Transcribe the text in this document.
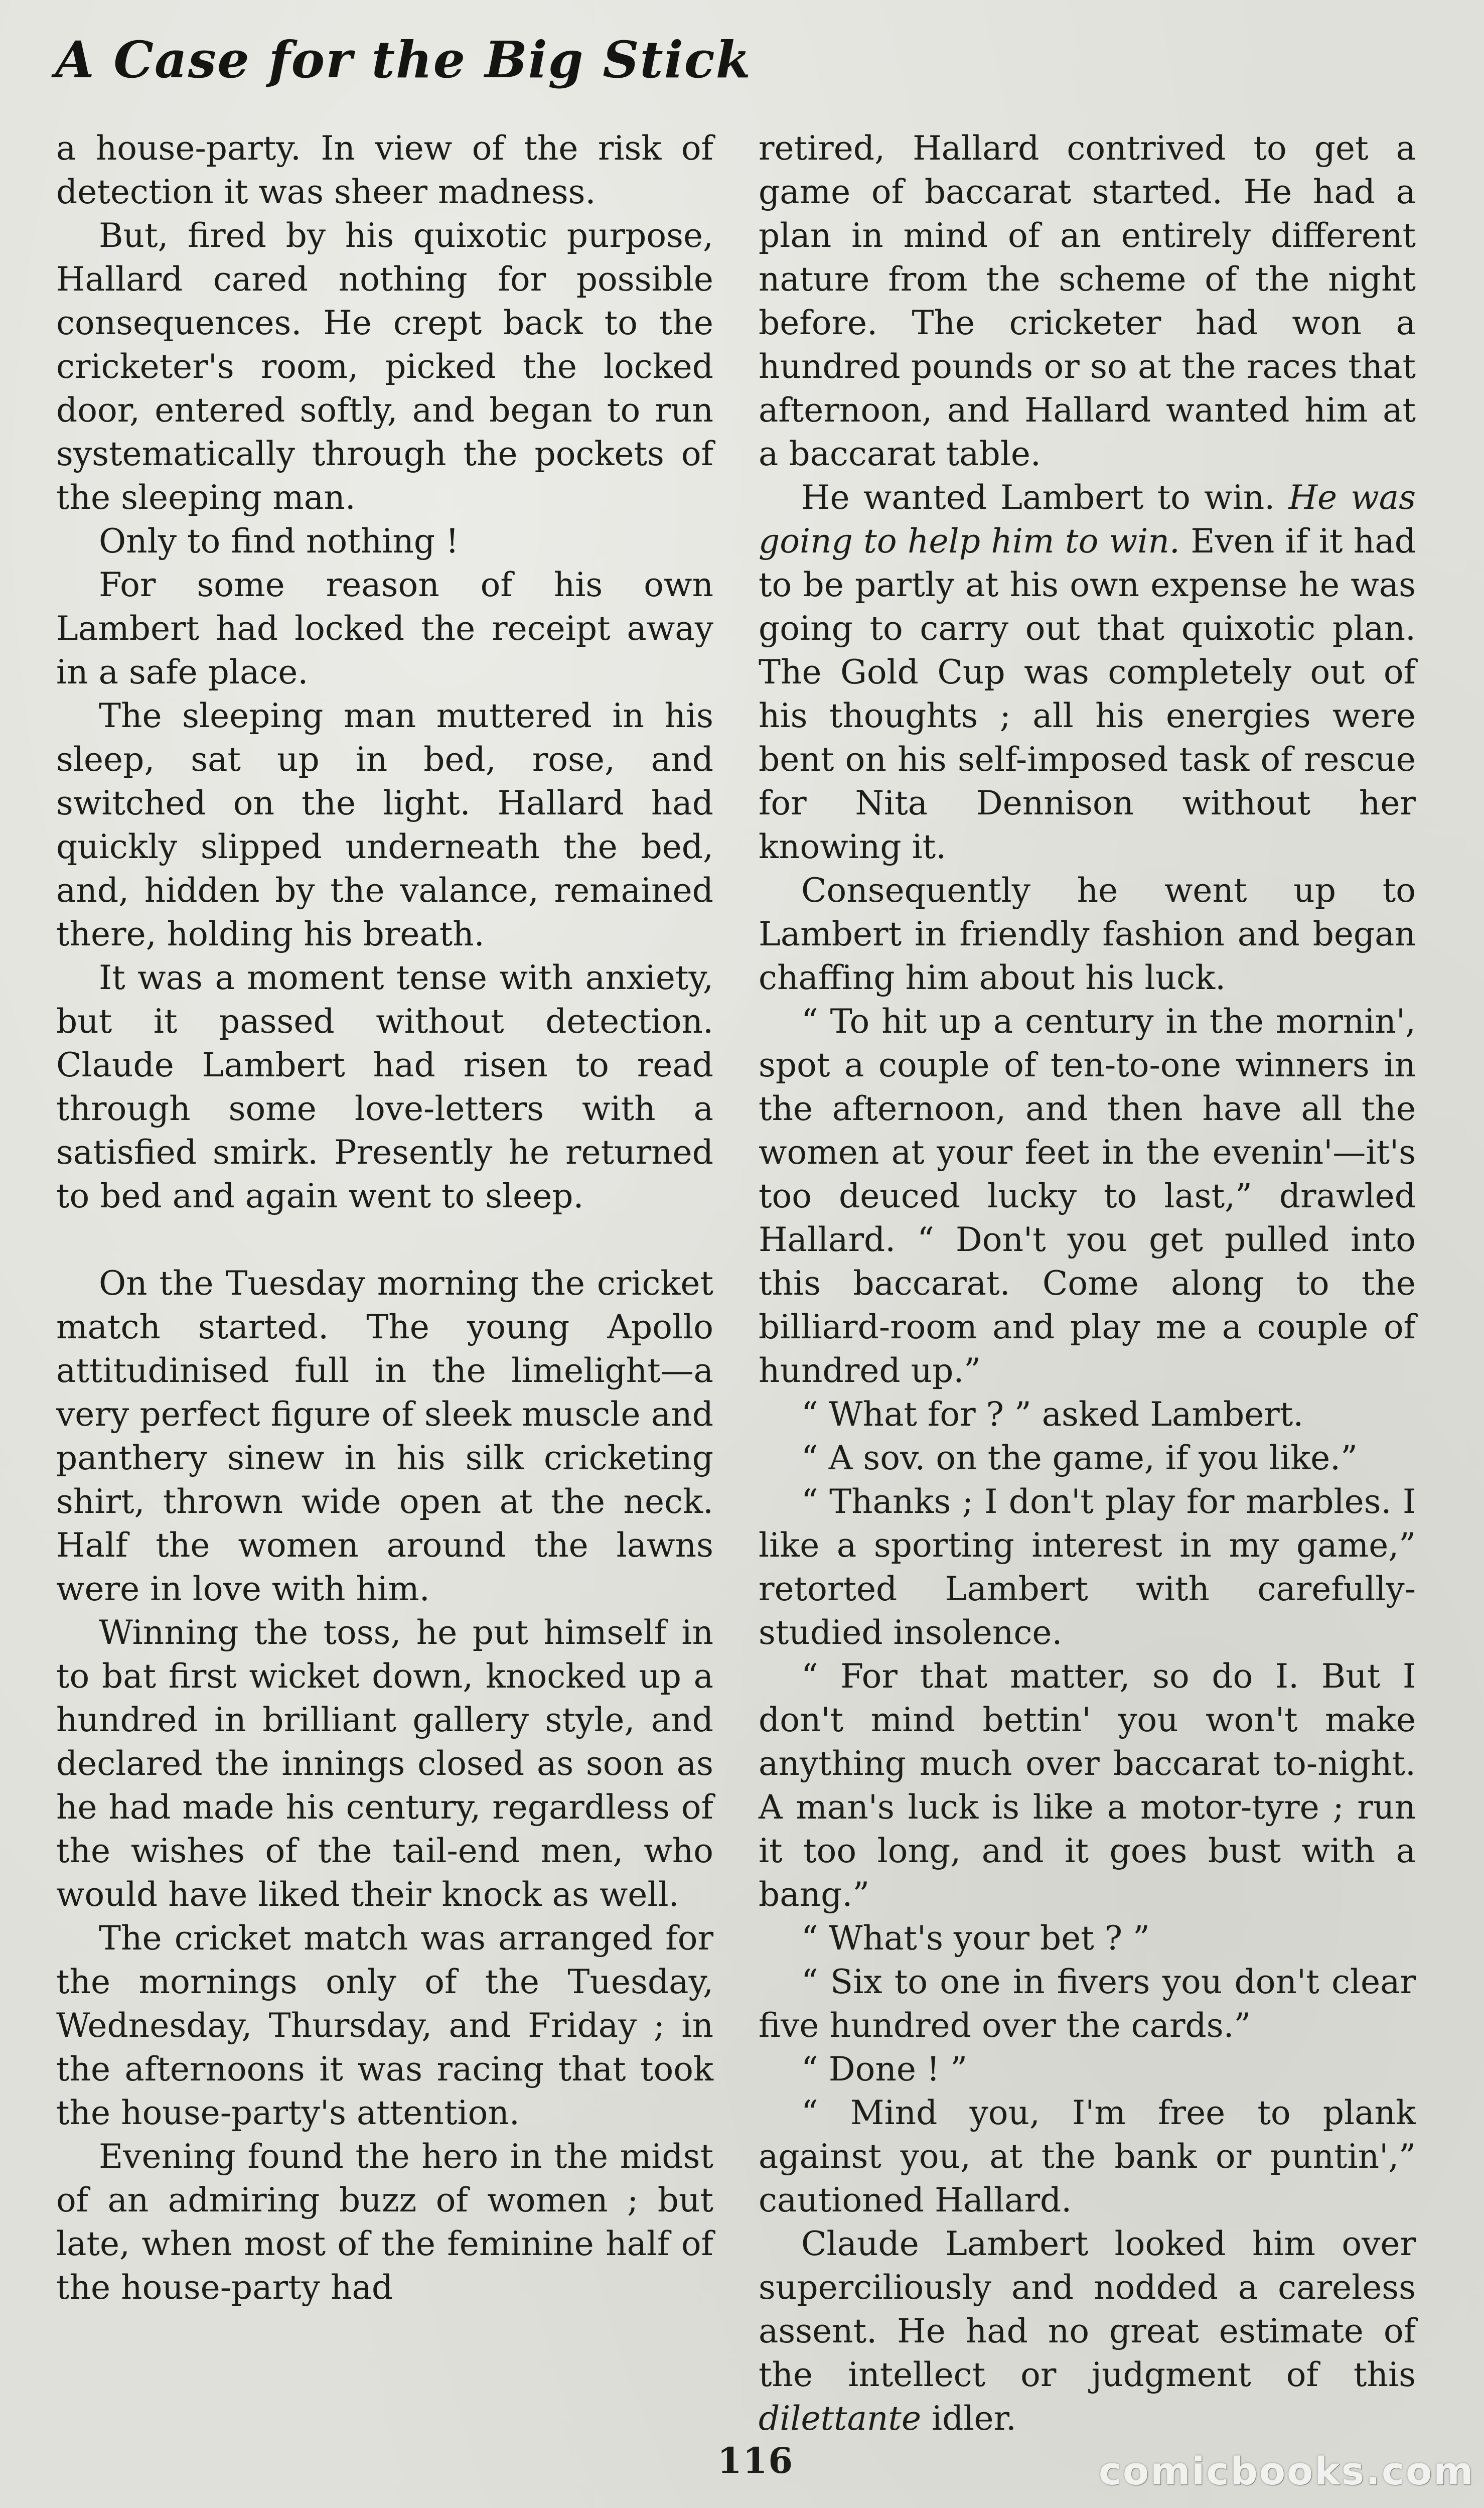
A Case for the Big Stick

a house-party. In view of the risk of detection it was sheer madness.

But, fired by his quixotic purpose, Hallard cared nothing for possible consequences. He crept back to the cricketer's room, picked the locked door, entered softly, and began to run systematically through the pockets of the sleeping man.

Only to find nothing !

For some reason of his own Lambert had locked the receipt away in a safe place.

The sleeping man muttered in his sleep, sat up in bed, rose, and switched on the light. Hallard had quickly slipped underneath the bed, and, hidden by the valance, remained there, holding his breath.

It was a moment tense with anxiety, but it passed without detection. Claude Lambert had risen to read through some love-letters with a satisfied smirk. Presently he returned to bed and again went to sleep.

On the Tuesday morning the cricket match started. The young Apollo attitudinised full in the limelight—a very perfect figure of sleek muscle and panthery sinew in his silk cricketing shirt, thrown wide open at the neck. Half the women around the lawns were in love with him.

Winning the toss, he put himself in to bat first wicket down, knocked up a hundred in brilliant gallery style, and declared the innings closed as soon as he had made his century, regardless of the wishes of the tail-end men, who would have liked their knock as well.

The cricket match was arranged for the mornings only of the Tuesday, Wednesday, Thursday, and Friday ; in the afternoons it was racing that took the house-party's attention.

Evening found the hero in the midst of an admiring buzz of women ; but late, when most of the feminine half of the house-party had

retired, Hallard contrived to get a game of baccarat started. He had a plan in mind of an entirely different nature from the scheme of the night before. The cricketer had won a hundred pounds or so at the races that afternoon, and Hallard wanted him at a baccarat table.

He wanted Lambert to win. He was going to help him to win. Even if it had to be partly at his own expense he was going to carry out that quixotic plan. The Gold Cup was completely out of his thoughts ; all his energies were bent on his self-imposed task of rescue for Nita Dennison without her knowing it.

Consequently he went up to Lambert in friendly fashion and began chaffing him about his luck.

“ To hit up a century in the mornin', spot a couple of ten-to-one winners in the afternoon, and then have all the women at your feet in the evenin'—it's too deuced lucky to last,” drawled Hallard. “ Don't you get pulled into this baccarat. Come along to the billiard-room and play me a couple of hundred up.”

“ What for ? ” asked Lambert.

“ A sov. on the game, if you like.”

“ Thanks ; I don't play for marbles. I like a sporting interest in my game,” retorted Lambert with carefully-studied insolence.

“ For that matter, so do I. But I don't mind bettin' you won't make anything much over baccarat to-night. A man's luck is like a motor-tyre ; run it too long, and it goes bust with a bang.”

“ What's your bet ? ”

“ Six to one in fivers you don't clear five hundred over the cards.”

“ Done ! ”

“ Mind you, I'm free to plank against you, at the bank or puntin',” cautioned Hallard.

Claude Lambert looked him over superciliously and nodded a careless assent. He had no great estimate of the intellect or judgment of this dilettante idler.

116	comicbooks.com
